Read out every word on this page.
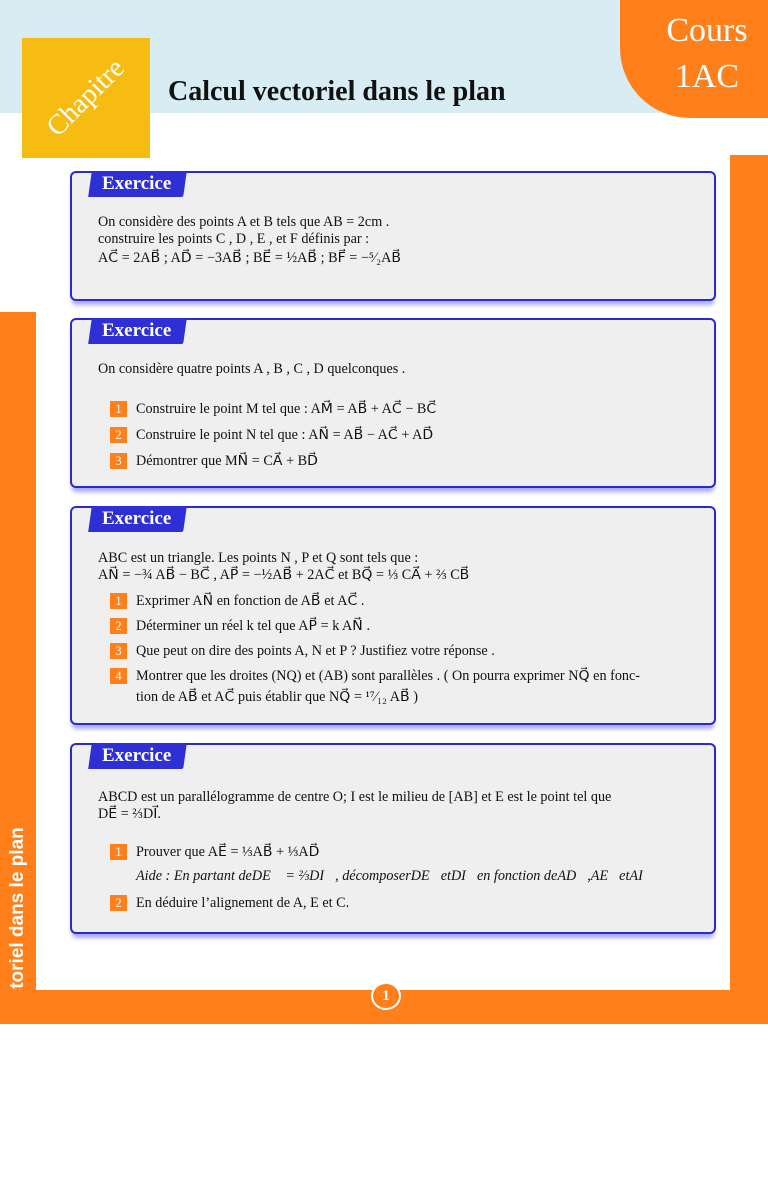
Chapitre Calcul vectoriel dans le plan
Cours
1AC
Exercice
On considère des points A et B tels que AB = 2cm .
construire les points C , D , E , et F définis par :
AC⃗ = 2AB⃗ ; AD⃗ = −3AB⃗ ; BE⃗ = ½AB⃗ ; BF⃗ = −⁵⁄₂AB⃗
Exercice
On considère quatre points A , B , C , D quelconques .
1	Construire le point M tel que : AM⃗ = AB⃗ + AC⃗ − BC⃗
2	Construire le point N tel que : AN⃗ = AB⃗ − AC⃗ + AD⃗
3	Démontrer que MN⃗ = CA⃗ + BD⃗
Exercice
ABC est un triangle. Les points N , P et Q sont tels que :
AN⃗ = −¾ AB⃗ − BC⃗ , AP⃗ = −½AB⃗ + 2AC⃗ et BQ⃗ = ⅓ CA⃗ + ⅔ CB⃗
1	Exprimer AN⃗ en fonction de AB⃗ et AC⃗ .
2	Déterminer un réel k tel que AP⃗ = k AN⃗ .
3	Que peut on dire des points A, N et P ? Justifiez votre réponse .
4	Montrer que les droites (NQ) et (AB) sont parallèles . ( On pourra exprimer NQ⃗ en fonc-
tion de AB⃗ et AC⃗ puis établir que NQ⃗ = ¹⁷⁄₁₂ AB⃗ )
Exercice
ABCD est un parallélogramme de centre O; I est le milieu de [AB] et E est le point tel que
DE⃗ = ⅔DI⃗.
1	Prouver que AE⃗ = ⅓AB⃗ + ⅓AD⃗
Aide : En partant deDE⃗ = ⅔DI⃗, décomposerDE⃗etDI⃗en fonction deAD⃗,AE⃗etAI⃗
2	En déduire l’alignement de A, E et C.
1
